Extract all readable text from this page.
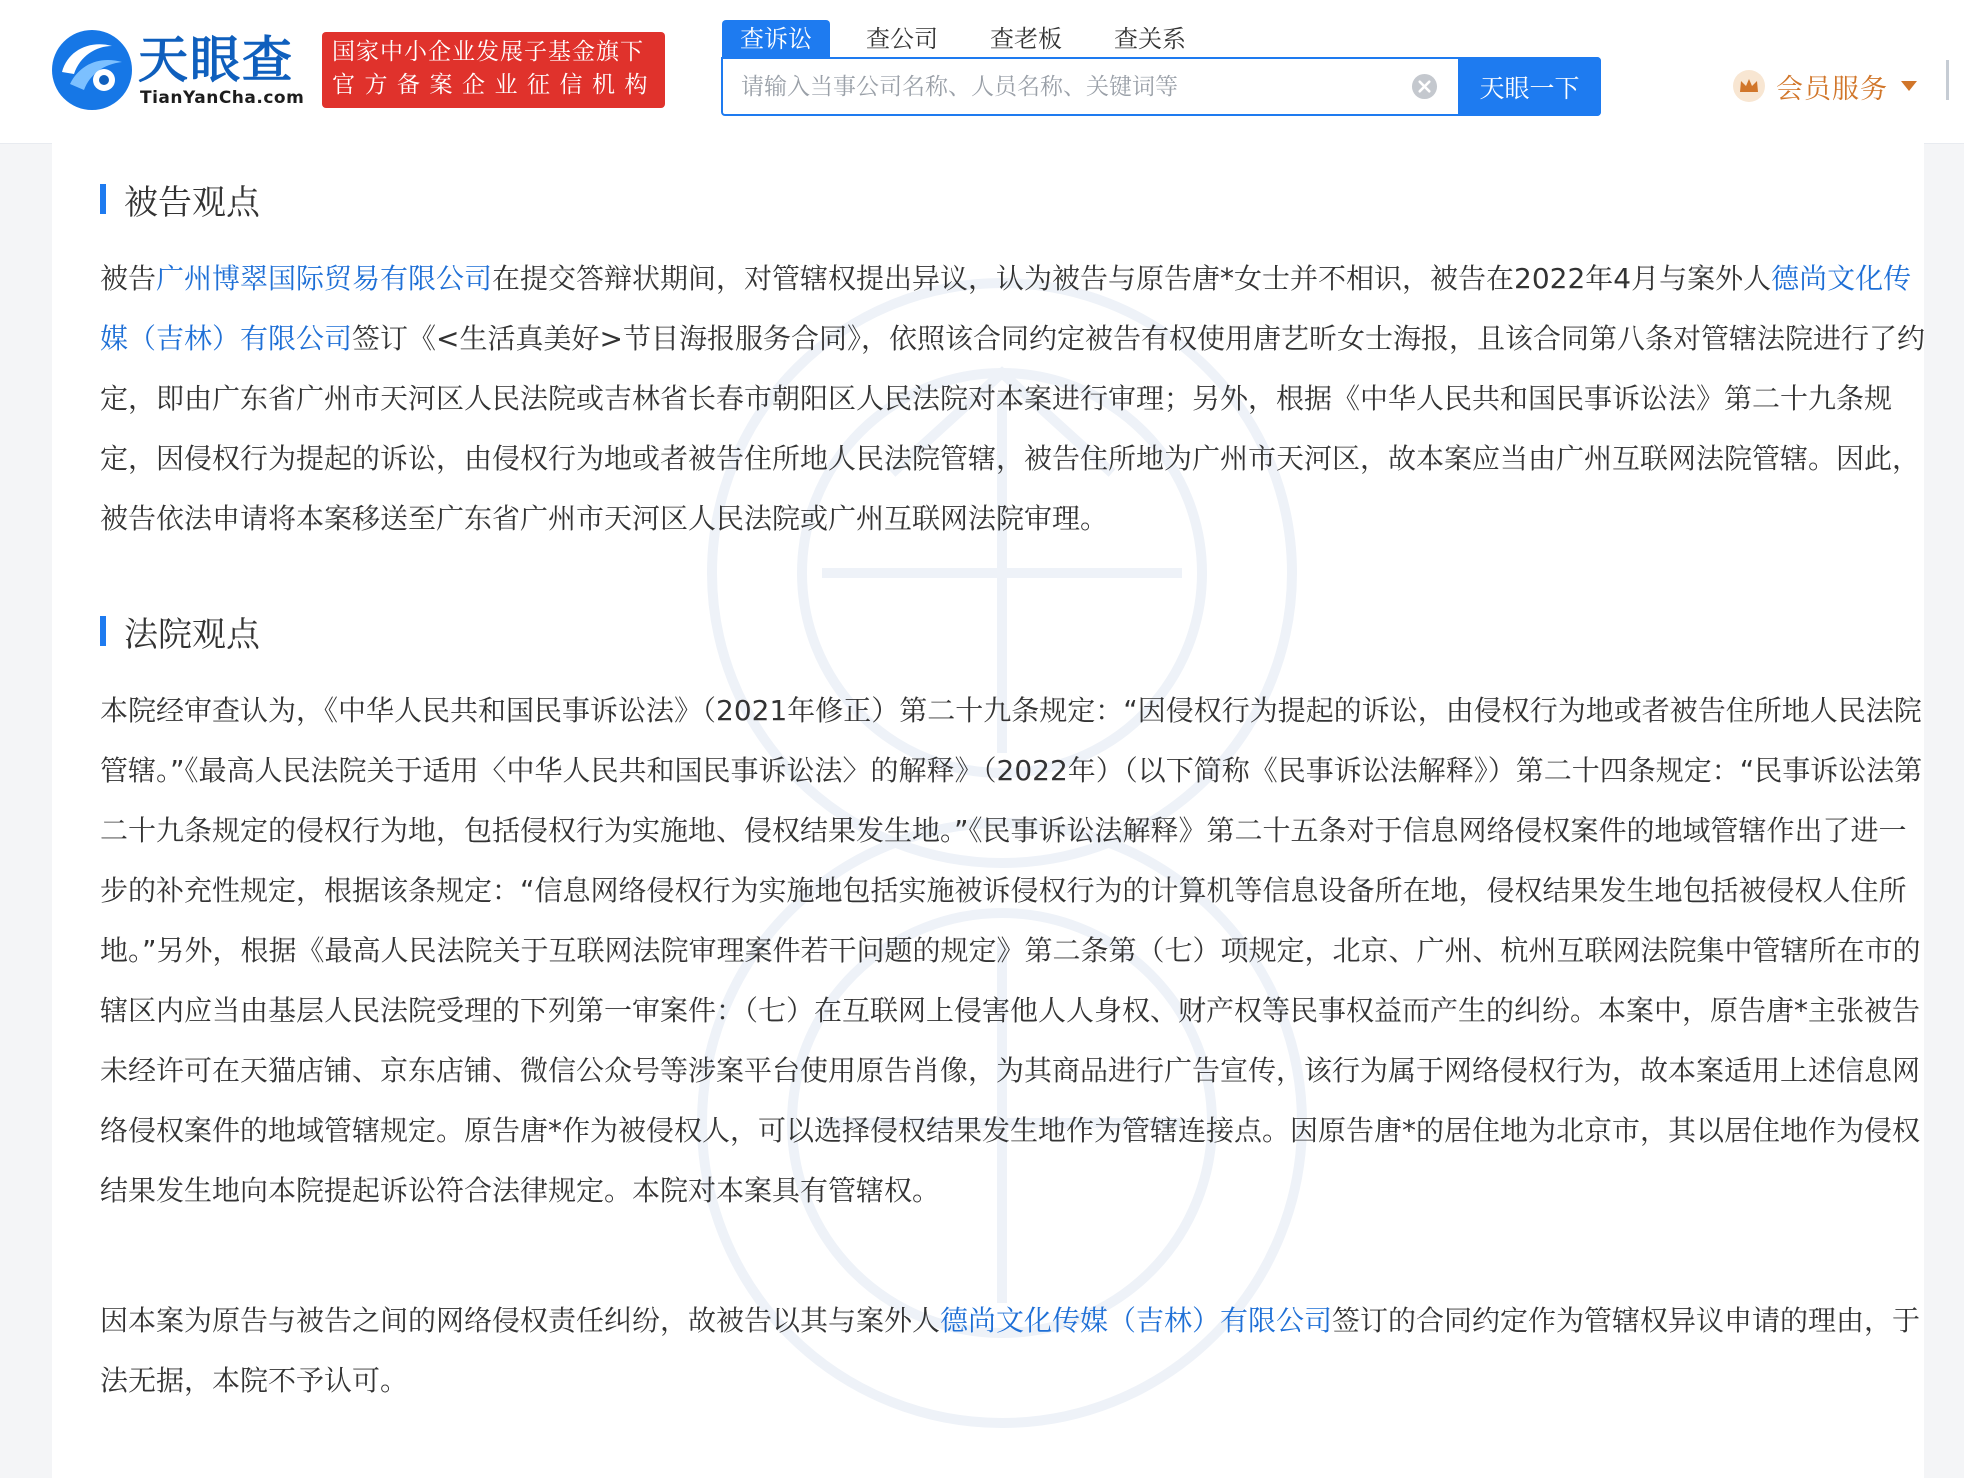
天眼查
TianYanCha.com
国家中小企业发展子基金旗下
官方备案企业征信机构
查诉讼	查公司	查老板	查关系
请输入当事公司名称、人员名称、关键词等
天眼一下	会员服务
被告观点

被告广州博翠国际贸易有限公司在提交答辩状期间，对管辖权提出异议，认为被告与原告唐*女士并不相识，被告在2022年4月与案外人德尚文化传媒（吉林）有限公司签订《<生活真美好>节目海报服务合同》，依照该合同约定被告有权使用唐艺昕女士海报，且该合同第八条对管辖法院进行了约定，即由广东省广州市天河区人民法院或吉林省长春市朝阳区人民法院对本案进行审理；另外，根据《中华人民共和国民事诉讼法》第二十九条规定，因侵权行为提起的诉讼，由侵权行为地或者被告住所地人民法院管辖，被告住所地为广州市天河区，故本案应当由广州互联网法院管辖。因此，被告依法申请将本案移送至广东省广州市天河区人民法院或广州互联网法院审理。

法院观点

本院经审查认为，《中华人民共和国民事诉讼法》（2021年修正）第二十九条规定：“因侵权行为提起的诉讼，由侵权行为地或者被告住所地人民法院管辖。”《最高人民法院关于适用〈中华人民共和国民事诉讼法〉的解释》（2022年）（以下简称《民事诉讼法解释》）第二十四条规定：“民事诉讼法第二十九条规定的侵权行为地，包括侵权行为实施地、侵权结果发生地。”《民事诉讼法解释》第二十五条对于信息网络侵权案件的地域管辖作出了进一步的补充性规定，根据该条规定：“信息网络侵权行为实施地包括实施被诉侵权行为的计算机等信息设备所在地，侵权结果发生地包括被侵权人住所地。”另外，根据《最高人民法院关于互联网法院审理案件若干问题的规定》第二条第（七）项规定，北京、广州、杭州互联网法院集中管辖所在市的辖区内应当由基层人民法院受理的下列第一审案件：（七）在互联网上侵害他人人身权、财产权等民事权益而产生的纠纷。本案中，原告唐*主张被告未经许可在天猫店铺、京东店铺、微信公众号等涉案平台使用原告肖像，为其商品进行广告宣传，该行为属于网络侵权行为，故本案适用上述信息网络侵权案件的地域管辖规定。原告唐*作为被侵权人，可以选择侵权结果发生地作为管辖连接点。因原告唐*的居住地为北京市，其以居住地作为侵权结果发生地向本院提起诉讼符合法律规定。本院对本案具有管辖权。

因本案为原告与被告之间的网络侵权责任纠纷，故被告以其与案外人德尚文化传媒（吉林）有限公司签订的合同约定作为管辖权异议申请的理由，于法无据，本院不予认可。
